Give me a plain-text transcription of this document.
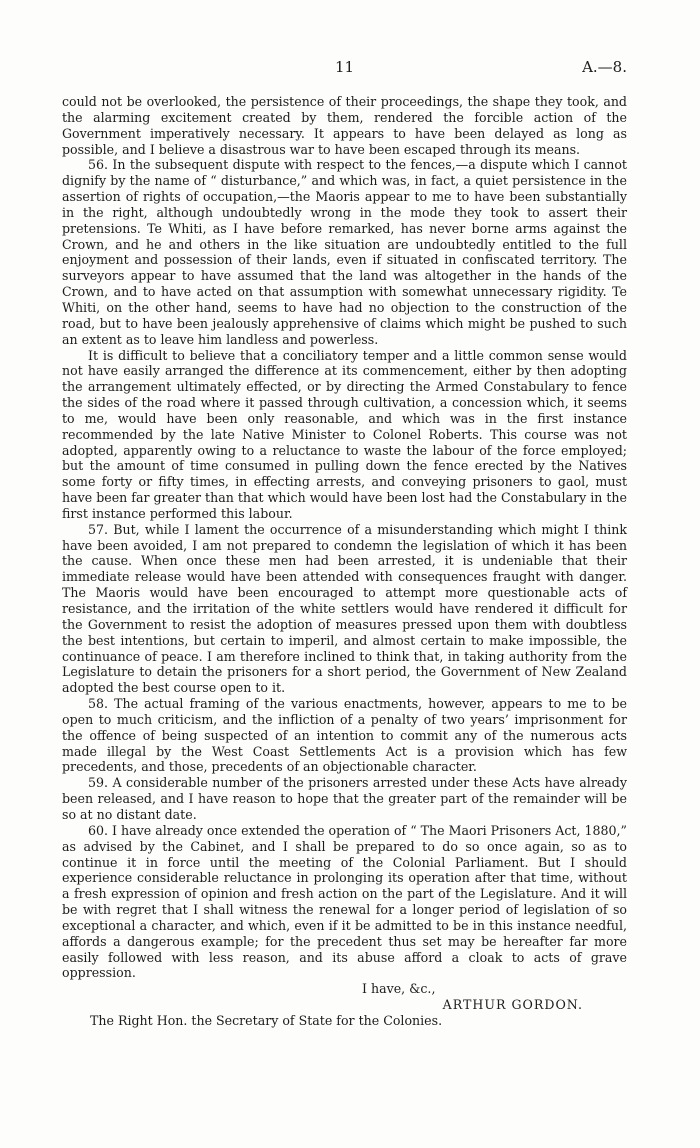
11	A.—8.

could not be overlooked, the persistence of their proceedings, the shape they took, and the alarming excitement created by them, rendered the forcible action of the Government imperatively necessary. It appears to have been delayed as long as possible, and I believe a disastrous war to have been escaped through its means.

56. In the subsequent dispute with respect to the fences,—a dispute which I cannot dignify by the name of “ disturbance,” and which was, in fact, a quiet persistence in the assertion of rights of occupation,—the Maoris appear to me to have been substantially in the right, although undoubtedly wrong in the mode they took to assert their pretensions. Te Whiti, as I have before remarked, has never borne arms against the Crown, and he and others in the like situation are undoubtedly entitled to the full enjoyment and possession of their lands, even if situated in confiscated territory. The surveyors appear to have assumed that the land was altogether in the hands of the Crown, and to have acted on that assumption with somewhat unnecessary rigidity. Te Whiti, on the other hand, seems to have had no objection to the construction of the road, but to have been jealously apprehensive of claims which might be pushed to such an extent as to leave him landless and powerless.

It is difficult to believe that a conciliatory temper and a little common sense would not have easily arranged the difference at its commencement, either by then adopting the arrangement ultimately effected, or by directing the Armed Constabulary to fence the sides of the road where it passed through cultivation, a concession which, it seems to me, would have been only reasonable, and which was in the first instance recommended by the late Native Minister to Colonel Roberts. This course was not adopted, apparently owing to a reluctance to waste the labour of the force employed; but the amount of time consumed in pulling down the fence erected by the Natives some forty or fifty times, in effecting arrests, and conveying prisoners to gaol, must have been far greater than that which would have been lost had the Constabulary in the first instance performed this labour.

57. But, while I lament the occurrence of a misunderstanding which might I think have been avoided, I am not prepared to condemn the legislation of which it has been the cause. When once these men had been arrested, it is undeniable that their immediate release would have been attended with consequences fraught with danger. The Maoris would have been encouraged to attempt more questionable acts of resistance, and the irritation of the white settlers would have rendered it difficult for the Government to resist the adoption of measures pressed upon them with doubtless the best intentions, but certain to imperil, and almost certain to make impossible, the continuance of peace. I am therefore inclined to think that, in taking authority from the Legislature to detain the prisoners for a short period, the Government of New Zealand adopted the best course open to it.

58. The actual framing of the various enactments, however, appears to me to be open to much criticism, and the infliction of a penalty of two years’ imprisonment for the offence of being suspected of an intention to commit any of the numerous acts made illegal by the West Coast Settlements Act is a provision which has few precedents, and those, precedents of an objectionable character.

59. A considerable number of the prisoners arrested under these Acts have already been released, and I have reason to hope that the greater part of the remainder will be so at no distant date.

60. I have already once extended the operation of “ The Maori Prisoners Act, 1880,” as advised by the Cabinet, and I shall be prepared to do so once again, so as to continue it in force until the meeting of the Colonial Parliament. But I should experience considerable reluctance in prolonging its operation after that time, without a fresh expression of opinion and fresh action on the part of the Legislature. And it will be with regret that I shall witness the renewal for a longer period of legislation of so exceptional a character, and which, even if it be admitted to be in this instance needful, affords a dangerous example; for the precedent thus set may be hereafter far more easily followed with less reason, and its abuse afford a cloak to acts of grave oppression.

I have, &c.,

ARTHUR GORDON.

The Right Hon. the Secretary of State for the Colonies.
